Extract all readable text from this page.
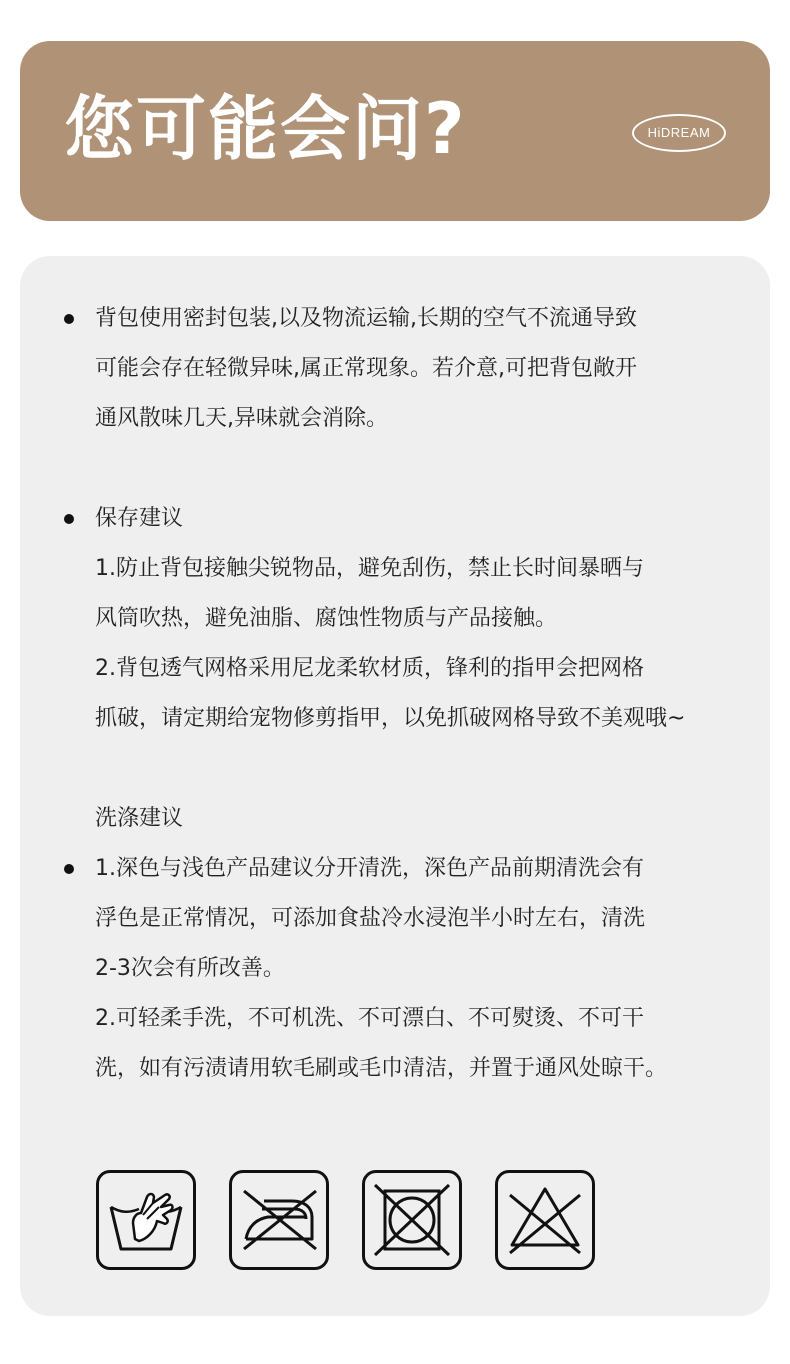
您可能会问?	HiDREAM
背包使用密封包装,以及物流运输,长期的空气不流通导致
可能会存在轻微异味,属正常现象。若介意,可把背包敞开
通风散味几天,异味就会消除。
保存建议
1.防止背包接触尖锐物品，避免刮伤，禁止长时间暴晒与
风筒吹热，避免油脂、腐蚀性物质与产品接触。
2.背包透气网格采用尼龙柔软材质，锋利的指甲会把网格
抓破，请定期给宠物修剪指甲，以免抓破网格导致不美观哦~
洗涤建议
1.深色与浅色产品建议分开清洗，深色产品前期清洗会有
浮色是正常情况，可添加食盐冷水浸泡半小时左右，清洗
2-3次会有所改善。
2.可轻柔手洗，不可机洗、不可漂白、不可熨烫、不可干
洗，如有污渍请用软毛刷或毛巾清洁，并置于通风处晾干。
